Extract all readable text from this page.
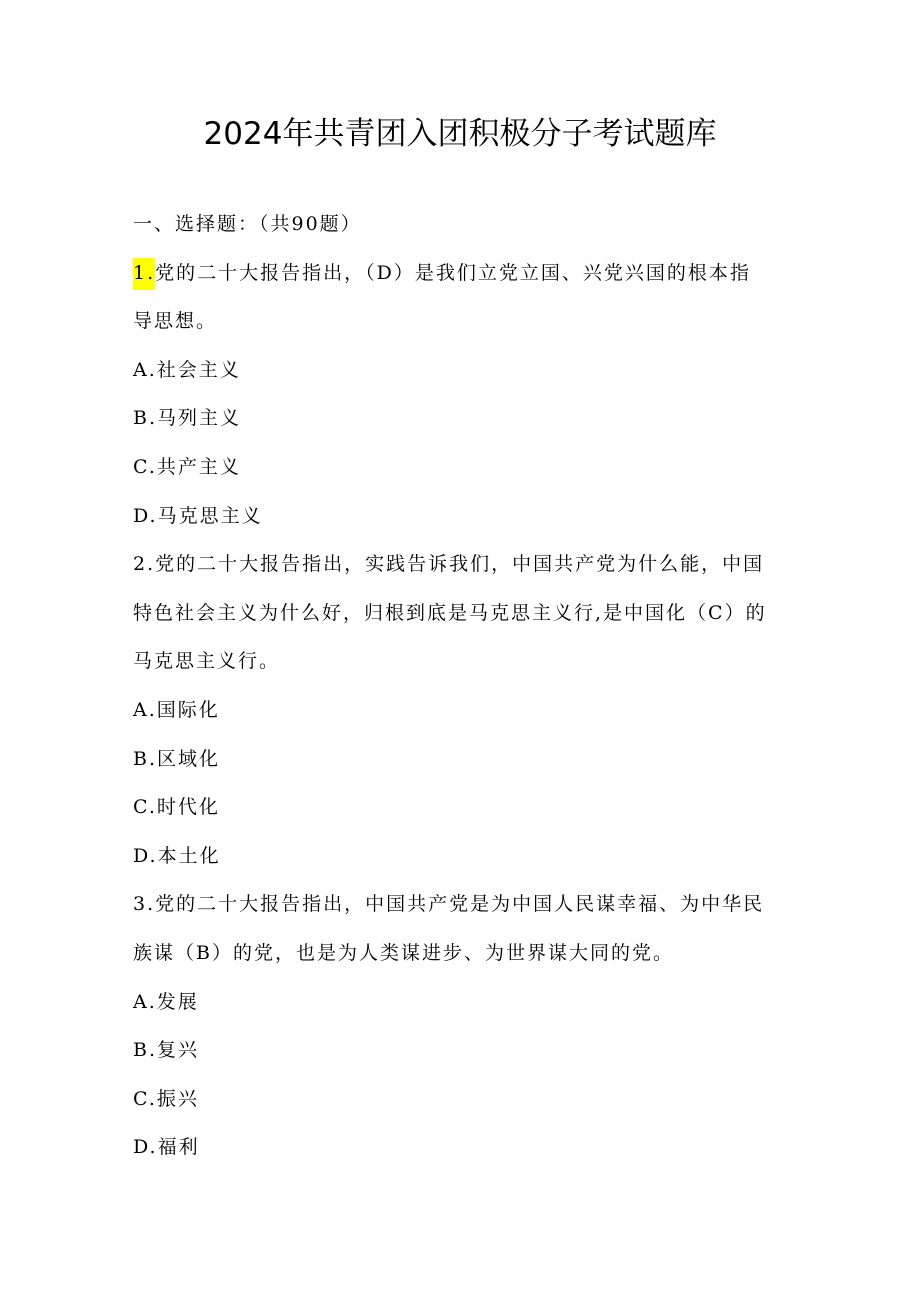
2024年共青团入团积极分子考试题库
一、选择题：（共90题）
1.党的二十大报告指出，（D）是我们立党立国、兴党兴国的根本指
导思想。
A.社会主义
B.马列主义
C.共产主义
D.马克思主义
2.党的二十大报告指出，实践告诉我们，中国共产党为什么能，中国
特色社会主义为什么好，归根到底是马克思主义行,是中国化（C）的
马克思主义行。
A.国际化
B.区域化
C.时代化
D.本土化
3.党的二十大报告指出，中国共产党是为中国人民谋幸福、为中华民
族谋（B）的党，也是为人类谋进步、为世界谋大同的党。
A.发展
B.复兴
C.振兴
D.福利
